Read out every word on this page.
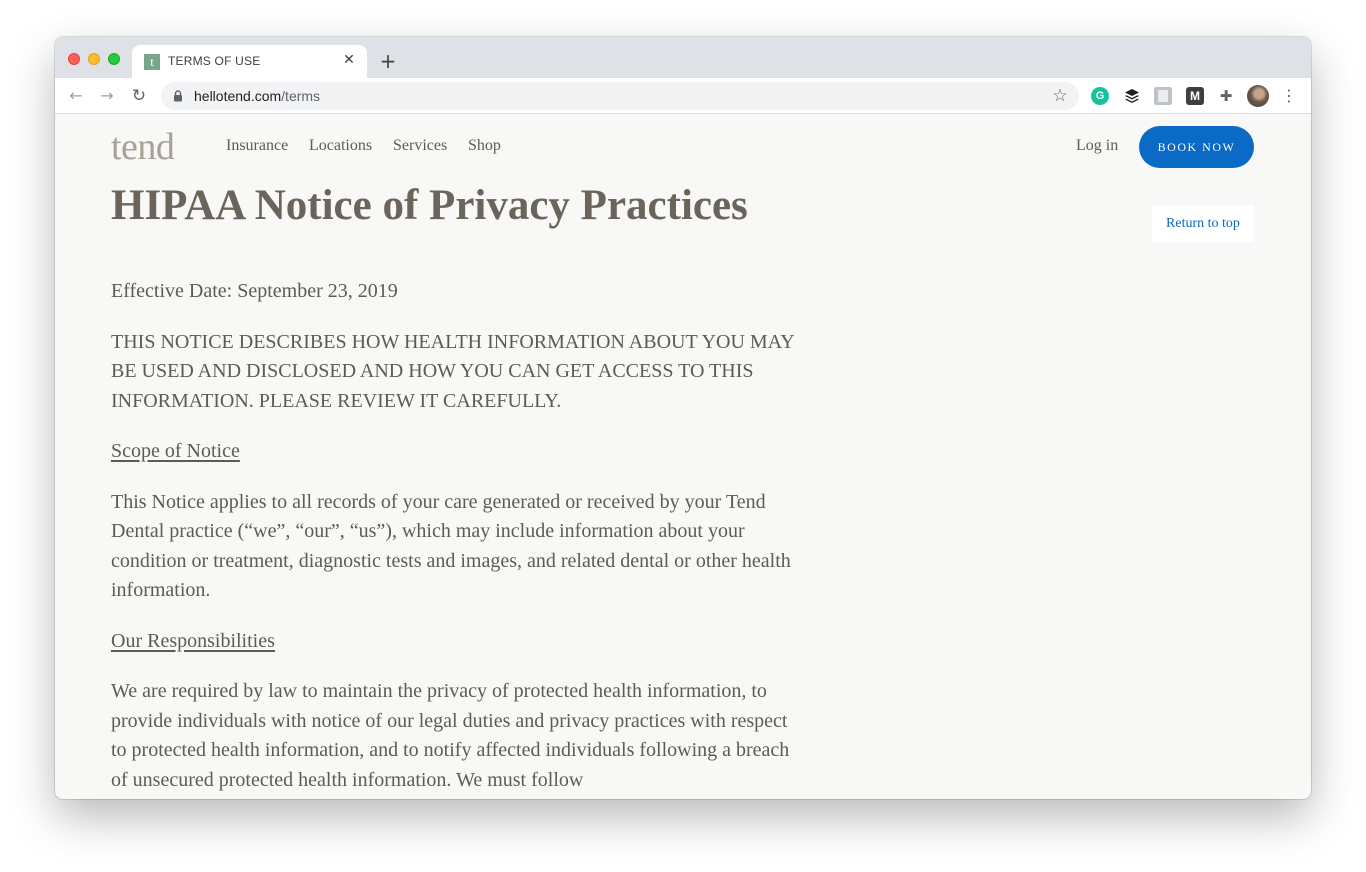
t	TERMS OF USE	✕ +
← → ↻	hellotend.com/terms	☆	G	M ✚	⋮
tend	Insurance Locations Services Shop	Log in	BOOK NOW
HIPAA Notice of Privacy Practices	Return to top

Effective Date: September 23, 2019

THIS NOTICE DESCRIBES HOW HEALTH INFORMATION ABOUT YOU MAY BE USED AND DISCLOSED AND HOW YOU CAN GET ACCESS TO THIS INFORMATION. PLEASE REVIEW IT CAREFULLY.

Scope of Notice

This Notice applies to all records of your care generated or received by your Tend Dental practice (“we”, “our”, “us”), which may include information about your condition or treatment, diagnostic tests and images, and related dental or other health information.

Our Responsibilities

We are required by law to maintain the privacy of protected health information, to provide individuals with notice of our legal duties and privacy practices with respect to protected health information, and to notify affected individuals following a breach of unsecured protected health information. We must follow
